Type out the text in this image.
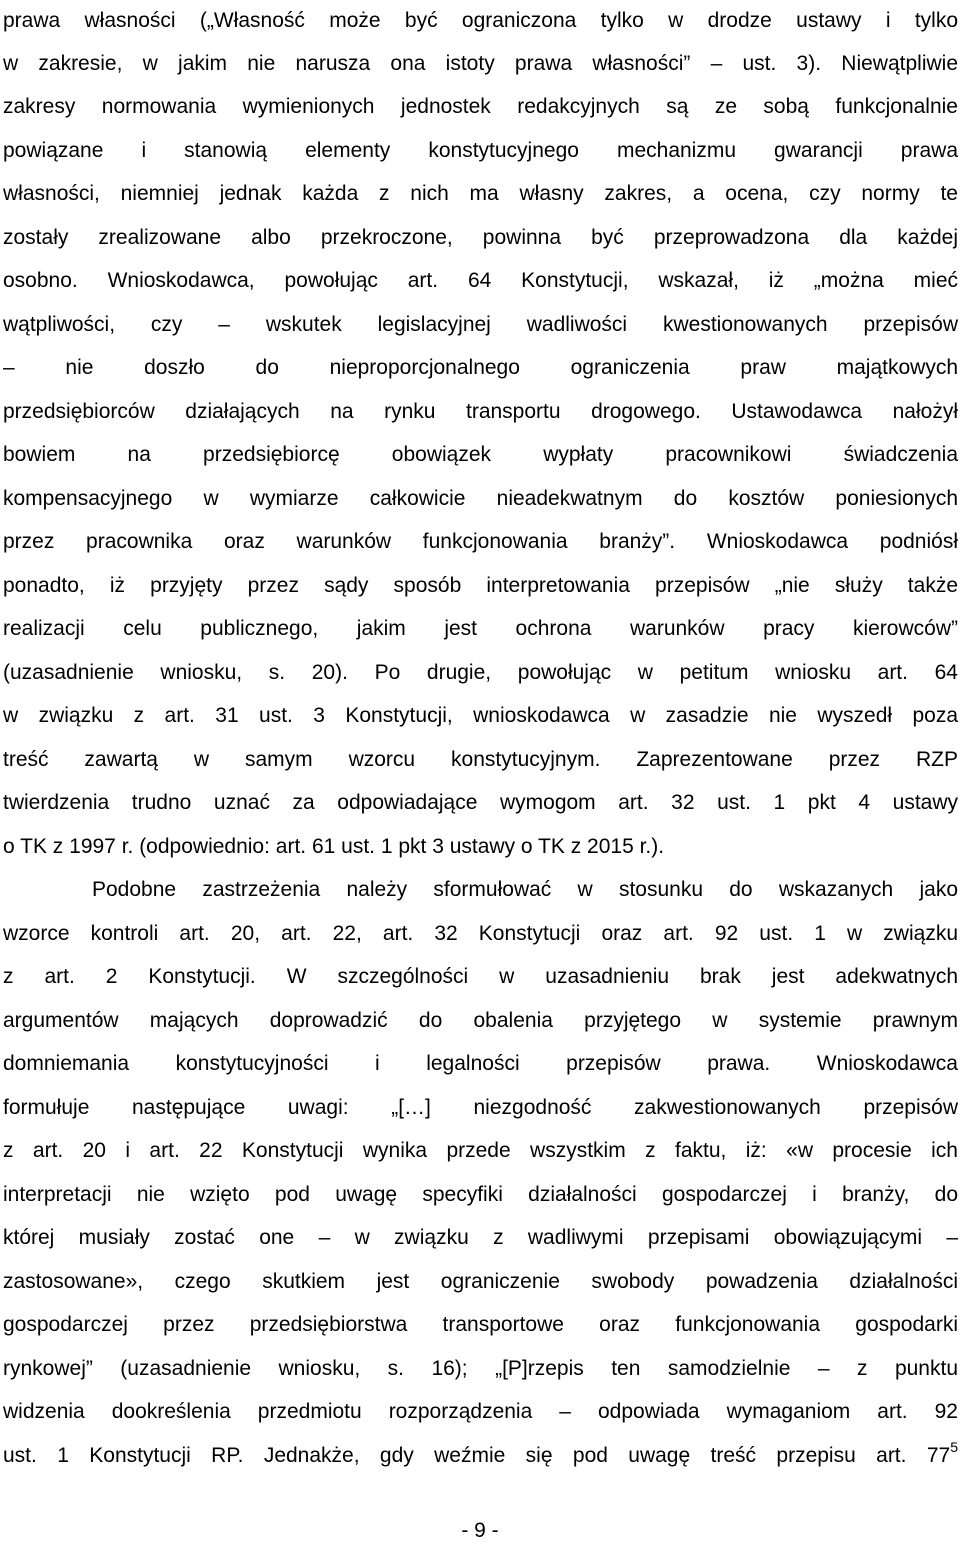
prawa własności („Własność może być ograniczona tylko w drodze ustawy i tylko
w zakresie, w jakim nie narusza ona istoty prawa własności” – ust. 3). Niewątpliwie
zakresy normowania wymienionych jednostek redakcyjnych są ze sobą funkcjonalnie
powiązane i stanowią elementy konstytucyjnego mechanizmu gwarancji prawa
własności, niemniej jednak każda z nich ma własny zakres, a ocena, czy normy te
zostały zrealizowane albo przekroczone, powinna być przeprowadzona dla każdej
osobno. Wnioskodawca, powołując art. 64 Konstytucji, wskazał, iż „można mieć
wątpliwości, czy – wskutek legislacyjnej wadliwości kwestionowanych przepisów
– nie doszło do nieproporcjonalnego ograniczenia praw majątkowych
przedsiębiorców działających na rynku transportu drogowego. Ustawodawca nałożył
bowiem na przedsiębiorcę obowiązek wypłaty pracownikowi świadczenia
kompensacyjnego w wymiarze całkowicie nieadekwatnym do kosztów poniesionych
przez pracownika oraz warunków funkcjonowania branży”. Wnioskodawca podniósł
ponadto, iż przyjęty przez sądy sposób interpretowania przepisów „nie służy także
realizacji celu publicznego, jakim jest ochrona warunków pracy kierowców”
(uzasadnienie wniosku, s. 20). Po drugie, powołując w petitum wniosku art. 64
w związku z art. 31 ust. 3 Konstytucji, wnioskodawca w zasadzie nie wyszedł poza
treść zawartą w samym wzorcu konstytucyjnym. Zaprezentowane przez RZP
twierdzenia trudno uznać za odpowiadające wymogom art. 32 ust. 1 pkt 4 ustawy
o TK z 1997 r. (odpowiednio: art. 61 ust. 1 pkt 3 ustawy o TK z 2015 r.).
Podobne zastrzeżenia należy sformułować w stosunku do wskazanych jako
wzorce kontroli art. 20, art. 22, art. 32 Konstytucji oraz art. 92 ust. 1 w związku
z art. 2 Konstytucji. W szczególności w uzasadnieniu brak jest adekwatnych
argumentów mających doprowadzić do obalenia przyjętego w systemie prawnym
domniemania konstytucyjności i legalności przepisów prawa. Wnioskodawca
formułuje następujące uwagi: „[…] niezgodność zakwestionowanych przepisów
z art. 20 i art. 22 Konstytucji wynika przede wszystkim z faktu, iż: «w procesie ich
interpretacji nie wzięto pod uwagę specyfiki działalności gospodarczej i branży, do
której musiały zostać one – w związku z wadliwymi przepisami obowiązującymi –
zastosowane», czego skutkiem jest ograniczenie swobody powadzenia działalności
gospodarczej przez przedsiębiorstwa transportowe oraz funkcjonowania gospodarki
rynkowej” (uzasadnienie wniosku, s. 16); „[P]rzepis ten samodzielnie – z punktu
widzenia dookreślenia przedmiotu rozporządzenia – odpowiada wymaganiom art. 92
ust. 1 Konstytucji RP. Jednakże, gdy weźmie się pod uwagę treść przepisu art. $77^5$
- 9 -
